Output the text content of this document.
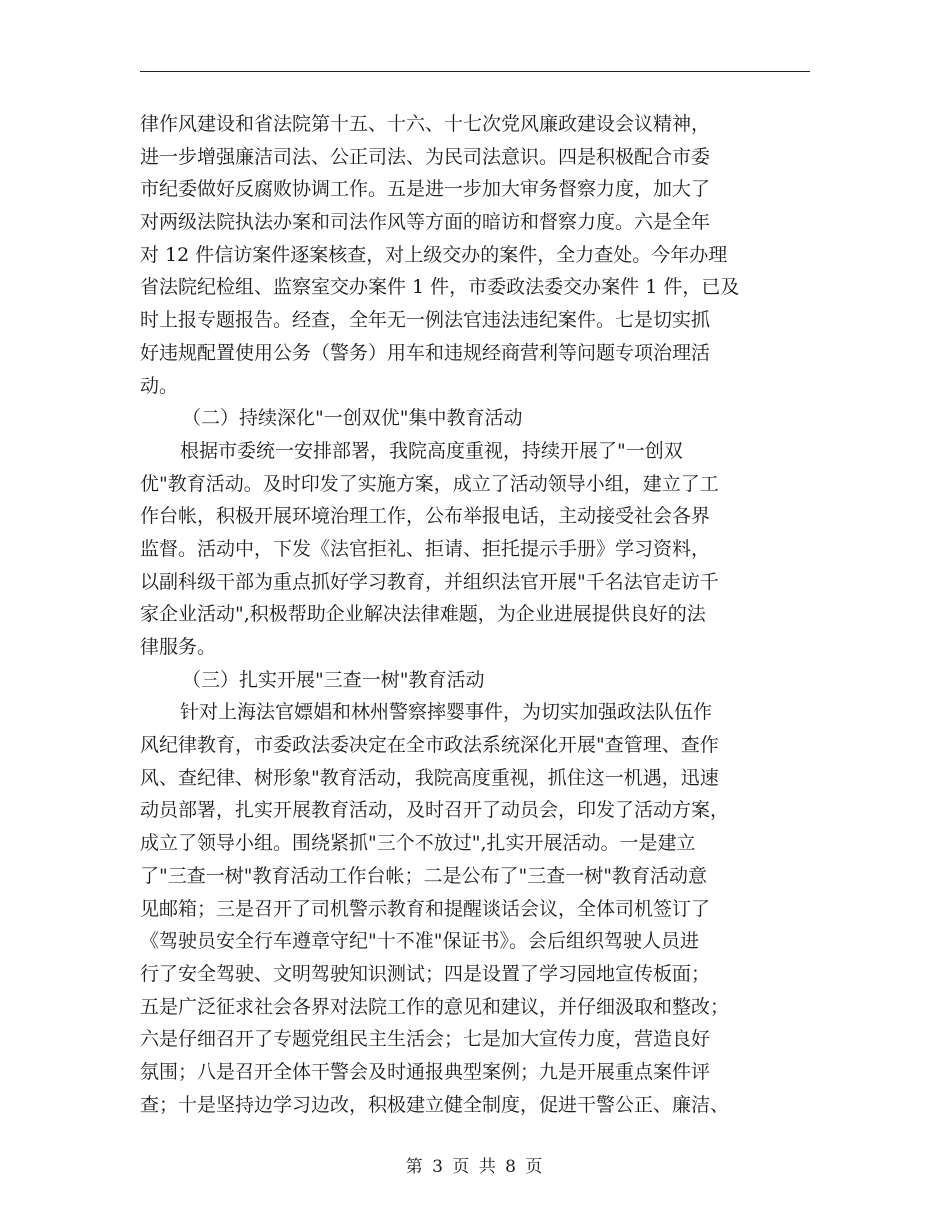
律作风建设和省法院第十五、十六、十七次党风廉政建设会议精神，
进一步增强廉洁司法、公正司法、为民司法意识。四是积极配合市委
市纪委做好反腐败协调工作。五是进一步加大审务督察力度，加大了
对两级法院执法办案和司法作风等方面的暗访和督察力度。六是全年
对 12 件信访案件逐案核查，对上级交办的案件，全力查处。今年办理
省法院纪检组、监察室交办案件 1 件，市委政法委交办案件 1 件，已及
时上报专题报告。经查，全年无一例法官违法违纪案件。七是切实抓
好违规配置使用公务（警务）用车和违规经商营利等问题专项治理活
动。
（二）持续深化"一创双优"集中教育活动
根据市委统一安排部署，我院高度重视，持续开展了"一创双
优"教育活动。及时印发了实施方案，成立了活动领导小组，建立了工
作台帐，积极开展环境治理工作，公布举报电话，主动接受社会各界
监督。活动中，下发《法官拒礼、拒请、拒托提示手册》学习资料，
以副科级干部为重点抓好学习教育，并组织法官开展"千名法官走访千
家企业活动",积极帮助企业解决法律难题，为企业进展提供良好的法
律服务。
（三）扎实开展"三查一树"教育活动
针对上海法官嫖娼和林州警察摔婴事件，为切实加强政法队伍作
风纪律教育，市委政法委决定在全市政法系统深化开展"查管理、查作
风、查纪律、树形象"教育活动，我院高度重视，抓住这一机遇，迅速
动员部署，扎实开展教育活动，及时召开了动员会，印发了活动方案，
成立了领导小组。围绕紧抓"三个不放过",扎实开展活动。一是建立
了"三查一树"教育活动工作台帐；二是公布了"三查一树"教育活动意
见邮箱；三是召开了司机警示教育和提醒谈话会议，全体司机签订了
《驾驶员安全行车遵章守纪"十不准"保证书》。会后组织驾驶人员进
行了安全驾驶、文明驾驶知识测试；四是设置了学习园地宣传板面；
五是广泛征求社会各界对法院工作的意见和建议，并仔细汲取和整改；
六是仔细召开了专题党组民主生活会；七是加大宣传力度，营造良好
氛围；八是召开全体干警会及时通报典型案例；九是开展重点案件评
查；十是坚持边学习边改，积极建立健全制度，促进干警公正、廉洁、
第 3 页 共 8 页
